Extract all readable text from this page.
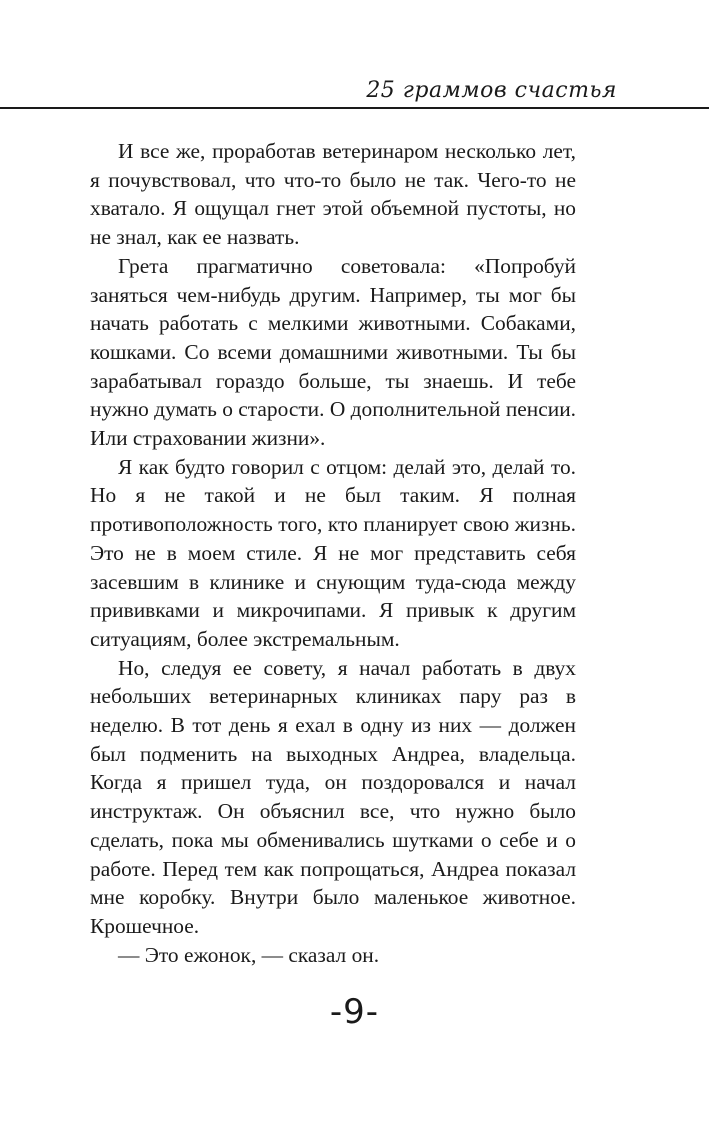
25 граммов счастья

И все же, проработав ветеринаром несколько лет, я почувствовал, что что-то было не так. Чего-то не хватало. Я ощущал гнет этой объемной пустоты, но не знал, как ее назвать.

Грета прагматично советовала: «Попробуй заняться чем-нибудь другим. Например, ты мог бы начать работать с мелкими животными. Собаками, кошками. Со всеми домашними животными. Ты бы зарабатывал гораздо больше, ты знаешь. И тебе нужно думать о старости. О дополнительной пенсии. Или страховании жизни».

Я как будто говорил с отцом: делай это, делай то. Но я не такой и не был таким. Я полная противоположность того, кто планирует свою жизнь. Это не в моем стиле. Я не мог представить себя засевшим в клинике и снующим туда-сюда между прививками и микрочипами. Я привык к другим ситуациям, более экстремальным.

Но, следуя ее совету, я начал работать в двух небольших ветеринарных клиниках пару раз в неделю. В тот день я ехал в одну из них — должен был подменить на выходных Андреа, владельца. Когда я пришел туда, он поздоровался и начал инструктаж. Он объяснил все, что нужно было сделать, пока мы обменивались шутками о себе и о работе. Перед тем как попрощаться, Андреа показал мне коробку. Внутри было маленькое животное. Крошечное.

— Это ежонок, — сказал он.

-9-
